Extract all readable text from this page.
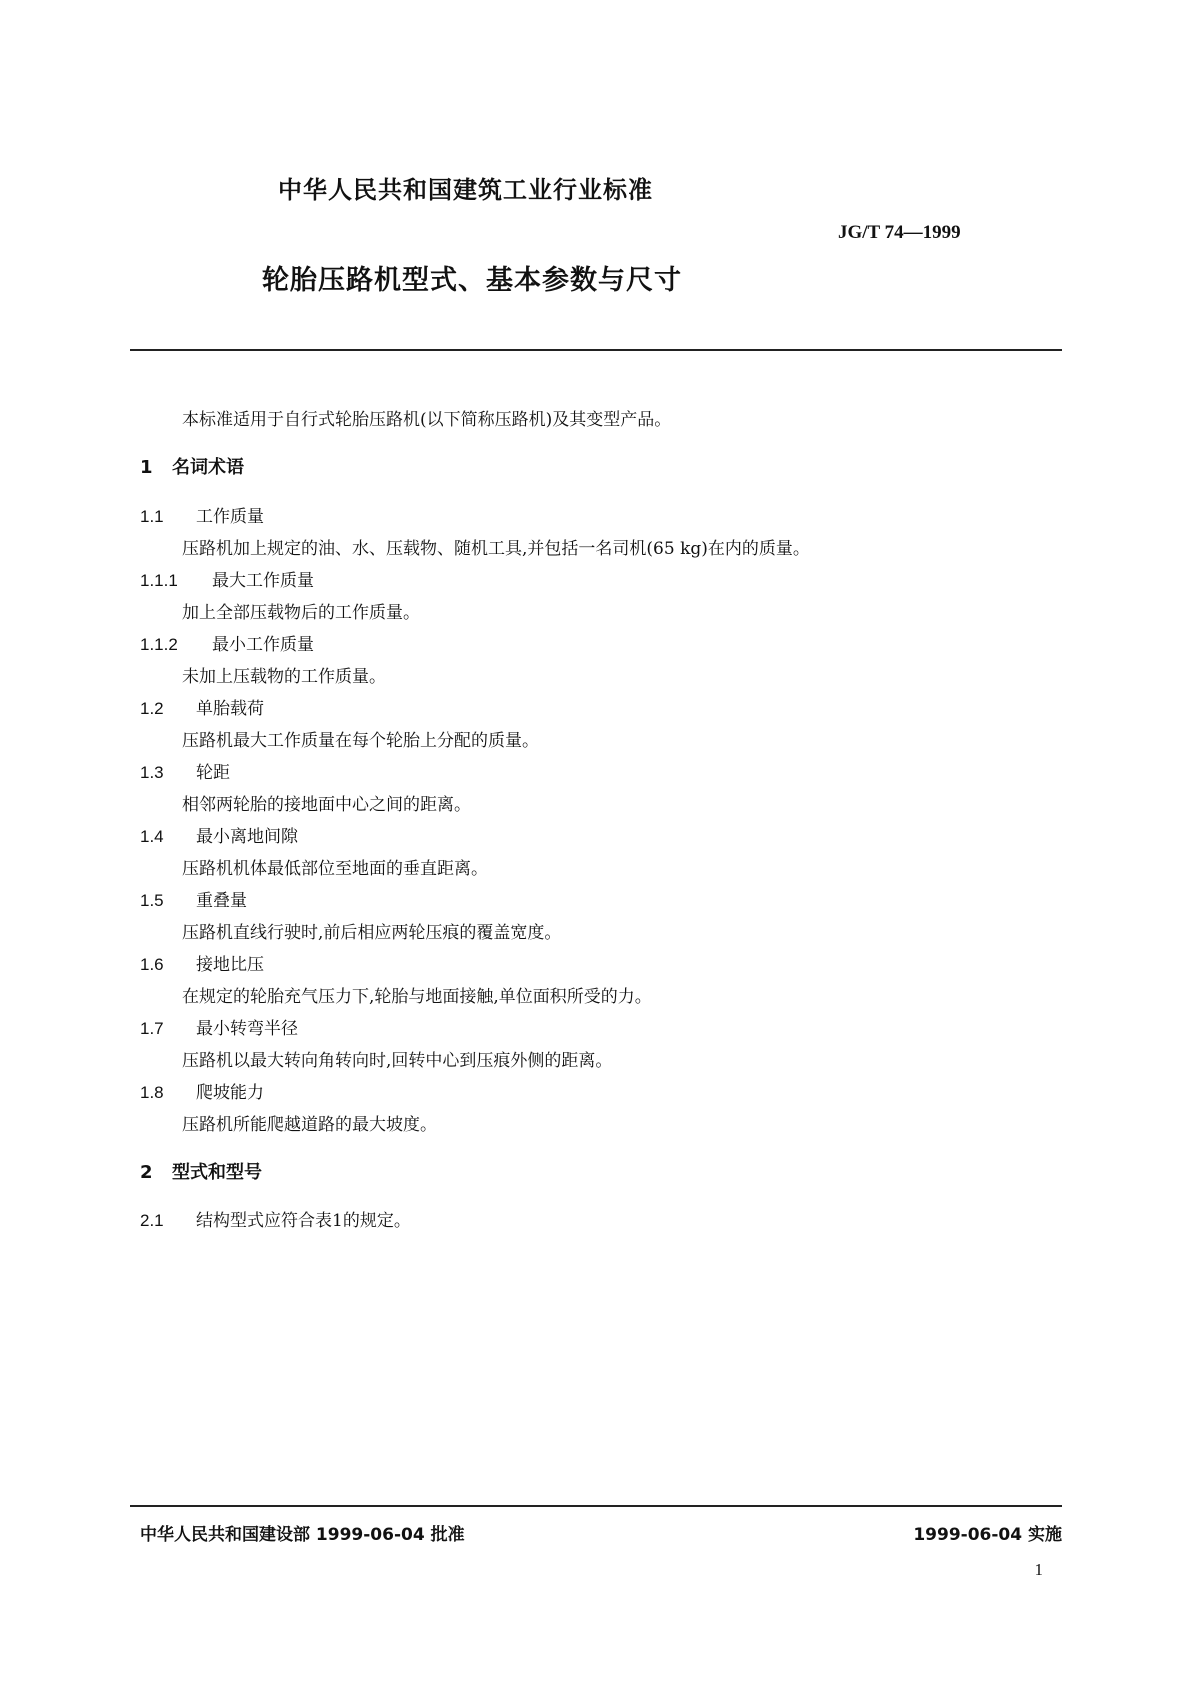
中华人民共和国建筑工业行业标准
JG/T 74—1999
轮胎压路机型式、基本参数与尺寸
本标准适用于自行式轮胎压路机(以下简称压路机)及其变型产品。
1 名词术语
1.1 工作质量
压路机加上规定的油、水、压载物、随机工具,并包括一名司机(65 kg)在内的质量。
1.1.1 最大工作质量
加上全部压载物后的工作质量。
1.1.2 最小工作质量
未加上压载物的工作质量。
1.2 单胎载荷
压路机最大工作质量在每个轮胎上分配的质量。
1.3 轮距
相邻两轮胎的接地面中心之间的距离。
1.4 最小离地间隙
压路机机体最低部位至地面的垂直距离。
1.5 重叠量
压路机直线行驶时,前后相应两轮压痕的覆盖宽度。
1.6 接地比压
在规定的轮胎充气压力下,轮胎与地面接触,单位面积所受的力。
1.7 最小转弯半径
压路机以最大转向角转向时,回转中心到压痕外侧的距离。
1.8 爬坡能力
压路机所能爬越道路的最大坡度。
2 型式和型号
2.1 结构型式应符合表1的规定。
中华人民共和国建设部 1999-06-04 批准	1999-06-04 实施
1
